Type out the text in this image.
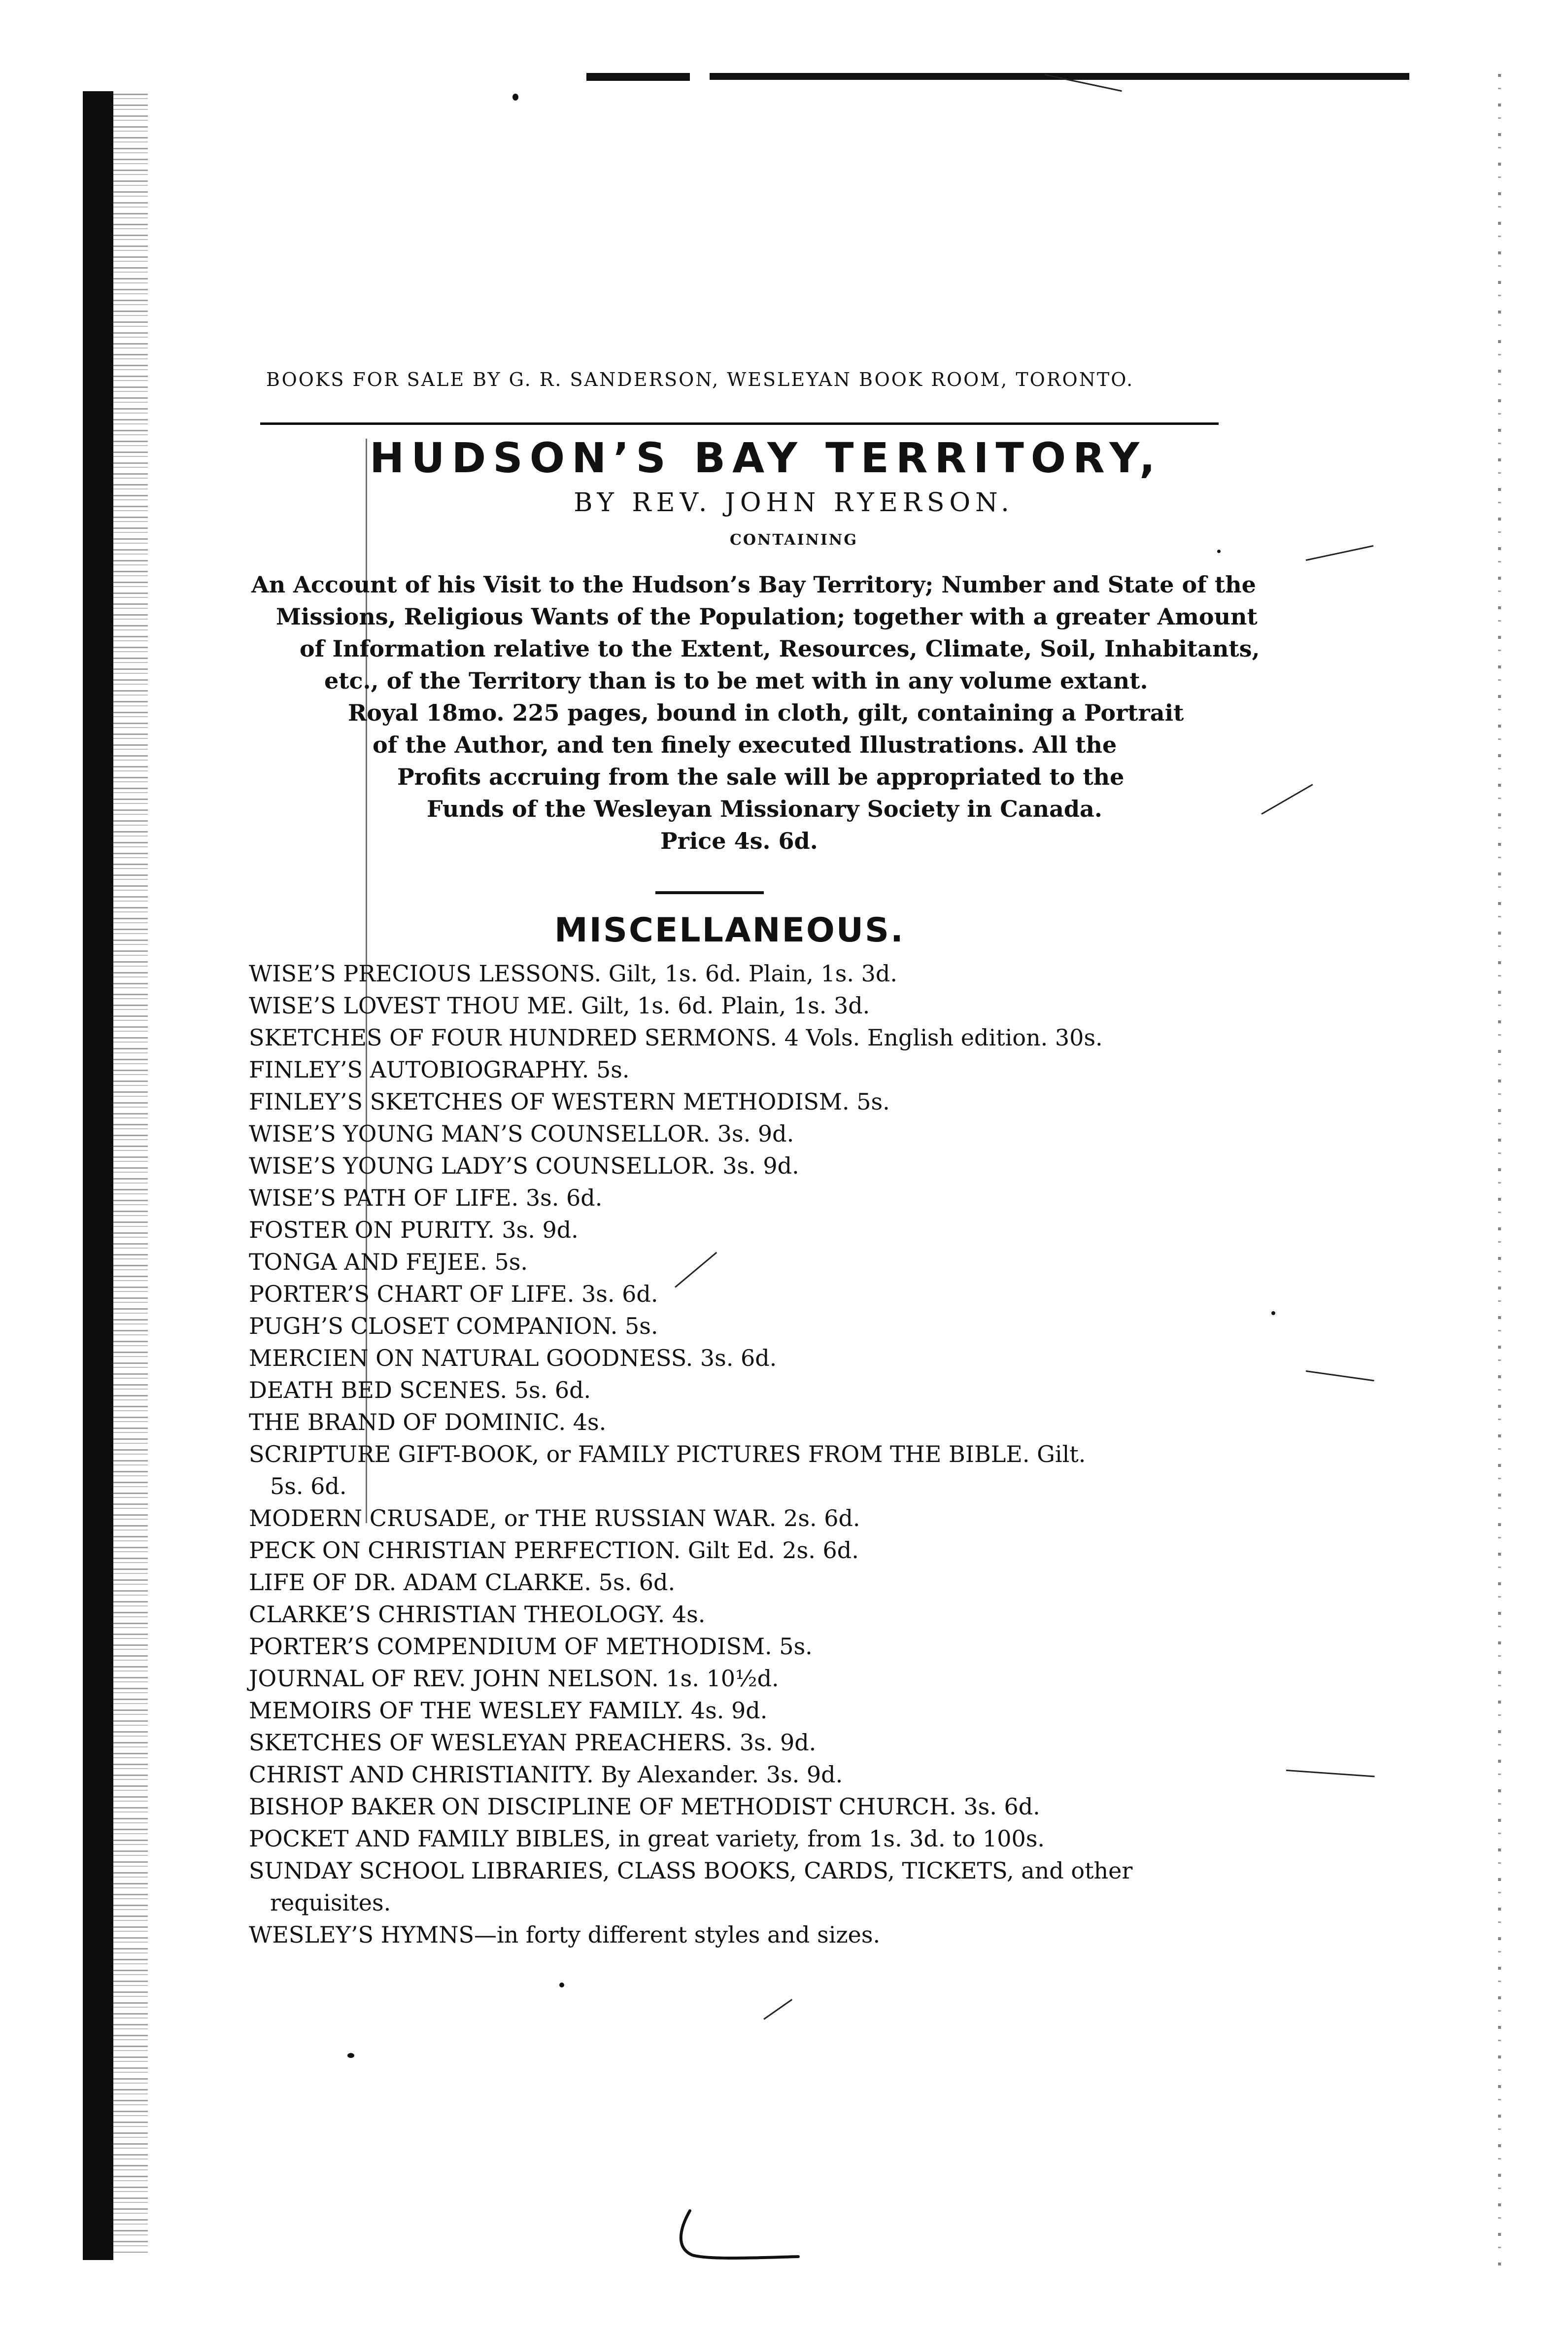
BOOKS FOR SALE BY G. R. SANDERSON, WESLEYAN BOOK ROOM, TORONTO.
HUDSON’S BAY TERRITORY,
BY REV. JOHN RYERSON.
CONTAINING
An Account of his Visit to the Hudson’s Bay Territory; Number and State of the
Missions, Religious Wants of the Population; together with a greater Amount
of Information relative to the Extent, Resources, Climate, Soil, Inhabitants,
etc., of the Territory than is to be met with in any volume extant.
Royal 18mo. 225 pages, bound in cloth, gilt, containing a Portrait
of the Author, and ten finely executed Illustrations. All the
Profits accruing from the sale will be appropriated to the
Funds of the Wesleyan Missionary Society in Canada.
Price 4s. 6d.
MISCELLANEOUS.
WISE’S PRECIOUS LESSONS. Gilt, 1s. 6d. Plain, 1s. 3d.
WISE’S LOVEST THOU ME. Gilt, 1s. 6d. Plain, 1s. 3d.
SKETCHES OF FOUR HUNDRED SERMONS. 4 Vols. English edition. 30s.
FINLEY’S AUTOBIOGRAPHY. 5s.
FINLEY’S SKETCHES OF WESTERN METHODISM. 5s.
WISE’S YOUNG MAN’S COUNSELLOR. 3s. 9d.
WISE’S YOUNG LADY’S COUNSELLOR. 3s. 9d.
WISE’S PATH OF LIFE. 3s. 6d.
FOSTER ON PURITY. 3s. 9d.
TONGA AND FEJEE. 5s.
PORTER’S CHART OF LIFE. 3s. 6d.
PUGH’S CLOSET COMPANION. 5s.
MERCIEN ON NATURAL GOODNESS. 3s. 6d.
DEATH BED SCENES. 5s. 6d.
THE BRAND OF DOMINIC. 4s.
SCRIPTURE GIFT-BOOK, or FAMILY PICTURES FROM THE BIBLE. Gilt.
5s. 6d.
MODERN CRUSADE, or THE RUSSIAN WAR. 2s. 6d.
PECK ON CHRISTIAN PERFECTION. Gilt Ed. 2s. 6d.
LIFE OF DR. ADAM CLARKE. 5s. 6d.
CLARKE’S CHRISTIAN THEOLOGY. 4s.
PORTER’S COMPENDIUM OF METHODISM. 5s.
JOURNAL OF REV. JOHN NELSON. 1s. 10½d.
MEMOIRS OF THE WESLEY FAMILY. 4s. 9d.
SKETCHES OF WESLEYAN PREACHERS. 3s. 9d.
CHRIST AND CHRISTIANITY. By Alexander. 3s. 9d.
BISHOP BAKER ON DISCIPLINE OF METHODIST CHURCH. 3s. 6d.
POCKET AND FAMILY BIBLES, in great variety, from 1s. 3d. to 100s.
SUNDAY SCHOOL LIBRARIES, CLASS BOOKS, CARDS, TICKETS, and other
requisites.
WESLEY’S HYMNS—in forty different styles and sizes.
